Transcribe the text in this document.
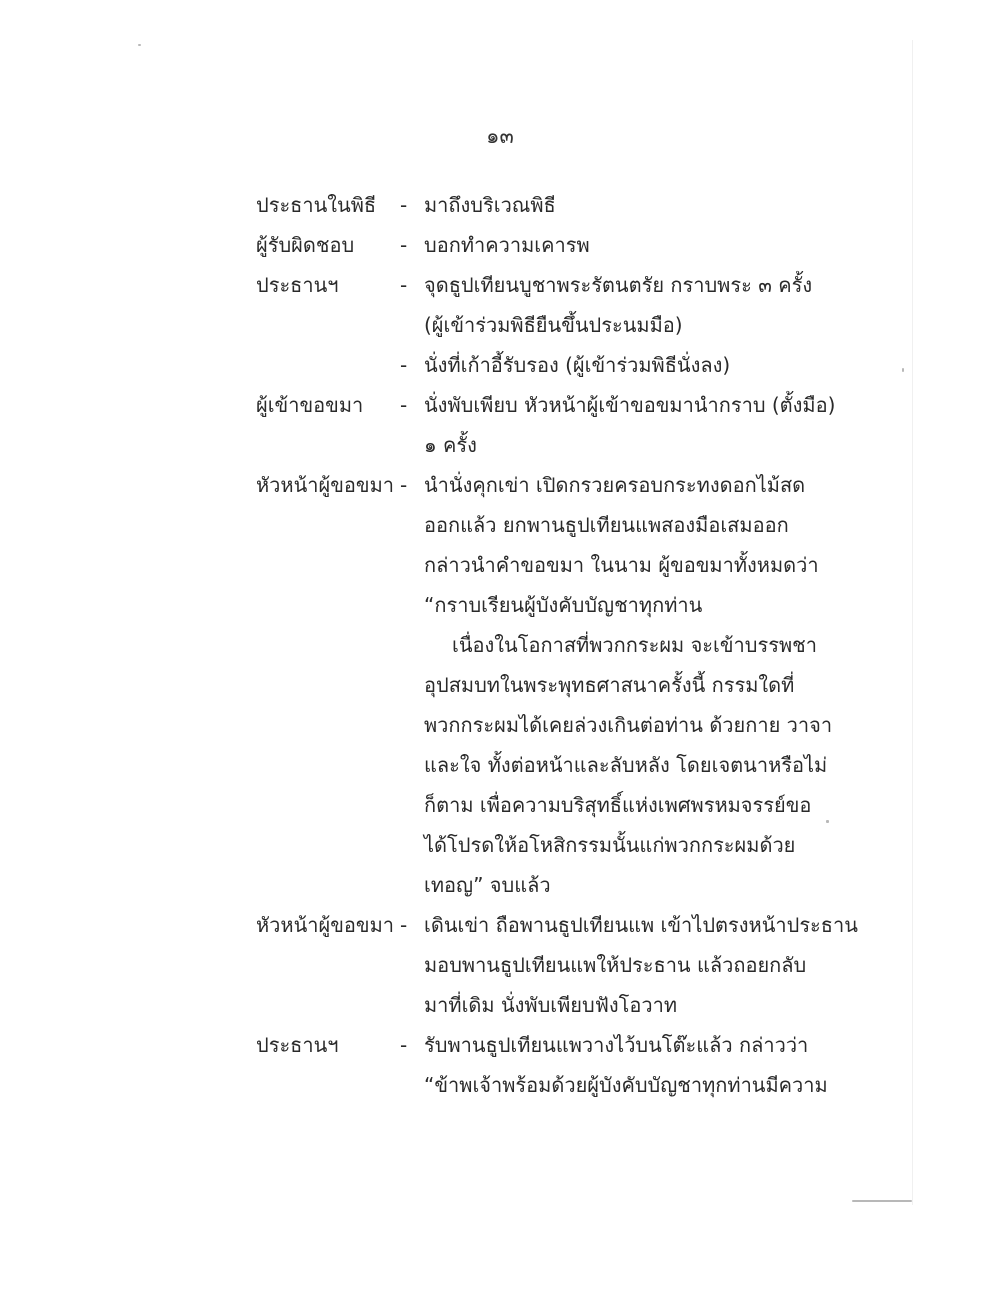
๑๓
ประธานในพิธี	- มาถึงบริเวณพิธี
ผู้รับผิดชอบ	- บอกทำความเคารพ
ประธานฯ	- จุดธูปเทียนบูชาพระรัตนตรัย กราบพระ ๓ ครั้ง
(ผู้เข้าร่วมพิธียืนขึ้นประนมมือ)
- นั่งที่เก้าอี้รับรอง (ผู้เข้าร่วมพิธีนั่งลง)
ผู้เข้าขอขมา	- นั่งพับเพียบ หัวหน้าผู้เข้าขอขมานำกราบ (ตั้งมือ)
๑ ครั้ง
หัวหน้าผู้ขอขมา - นำนั่งคุกเข่า เปิดกรวยครอบกระทงดอกไม้สด
ออกแล้ว ยกพานธูปเทียนแพสองมือเสมออก
กล่าวนำคำขอขมา ในนาม ผู้ขอขมาทั้งหมดว่า
“กราบเรียนผู้บังคับบัญชาทุกท่าน
เนื่องในโอกาสที่พวกกระผม จะเข้าบรรพชา
อุปสมบทในพระพุทธศาสนาครั้งนี้ กรรมใดที่
พวกกระผมได้เคยล่วงเกินต่อท่าน ด้วยกาย วาจา
และใจ ทั้งต่อหน้าและลับหลัง โดยเจตนาหรือไม่
ก็ตาม เพื่อความบริสุทธิ์แห่งเพศพรหมจรรย์ขอ
ได้โปรดให้อโหสิกรรมนั้นแก่พวกกระผมด้วย
เทอญ” จบแล้ว
หัวหน้าผู้ขอขมา - เดินเข่า ถือพานธูปเทียนแพ เข้าไปตรงหน้าประธาน
มอบพานธูปเทียนแพให้ประธาน แล้วถอยกลับ
มาที่เดิม นั่งพับเพียบฟังโอวาท
ประธานฯ	- รับพานธูปเทียนแพวางไว้บนโต๊ะแล้ว กล่าวว่า
“ข้าพเจ้าพร้อมด้วยผู้บังคับบัญชาทุกท่านมีความ
